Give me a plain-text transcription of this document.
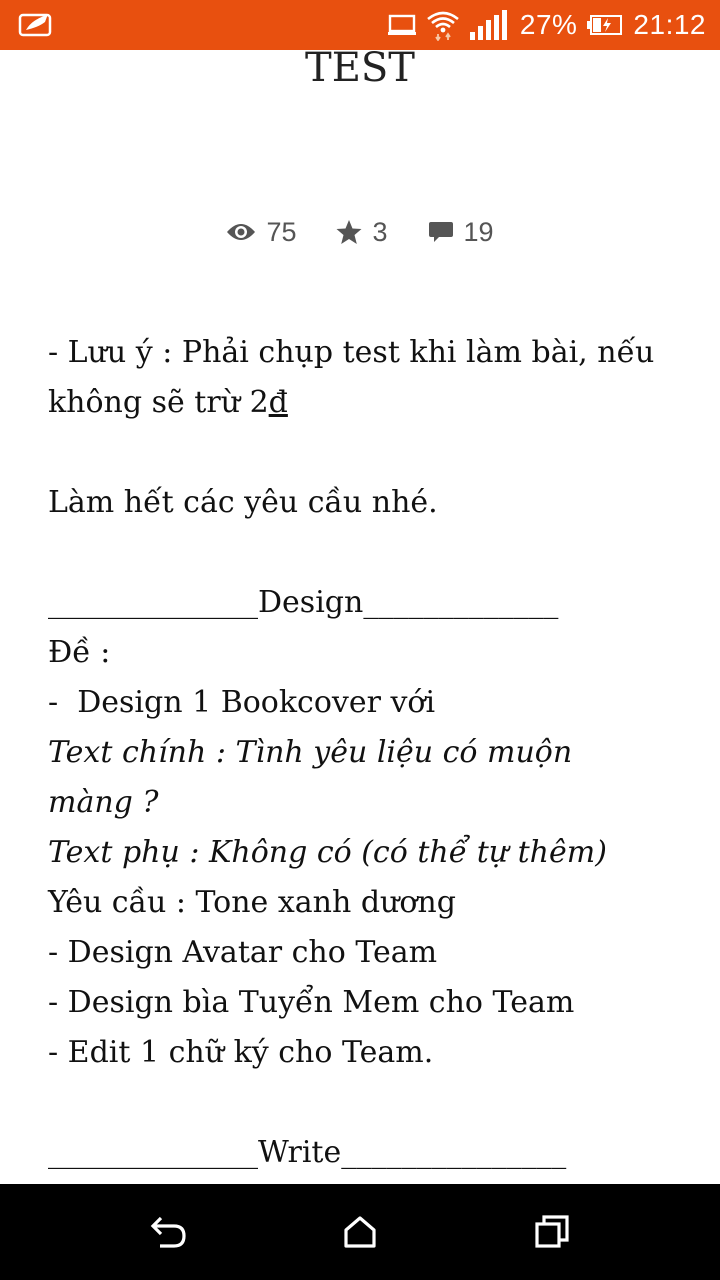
27% 21:12
TEST
75	3	19
- Lưu ý : Phải chụp test khi làm bài, nếu
không sẽ trừ 2đ
Làm hết các yêu cầu nhé.
______________Design_____________
Đề :
-  Design 1 Bookcover với
Text chính : Tình yêu liệu có muộn
màng ?
Text phụ : Không có (có thể tự thêm)
Yêu cầu : Tone xanh dương
- Design Avatar cho Team
- Design bìa Tuyển Mem cho Team
- Edit 1 chữ ký cho Team.
______________Write_______________
